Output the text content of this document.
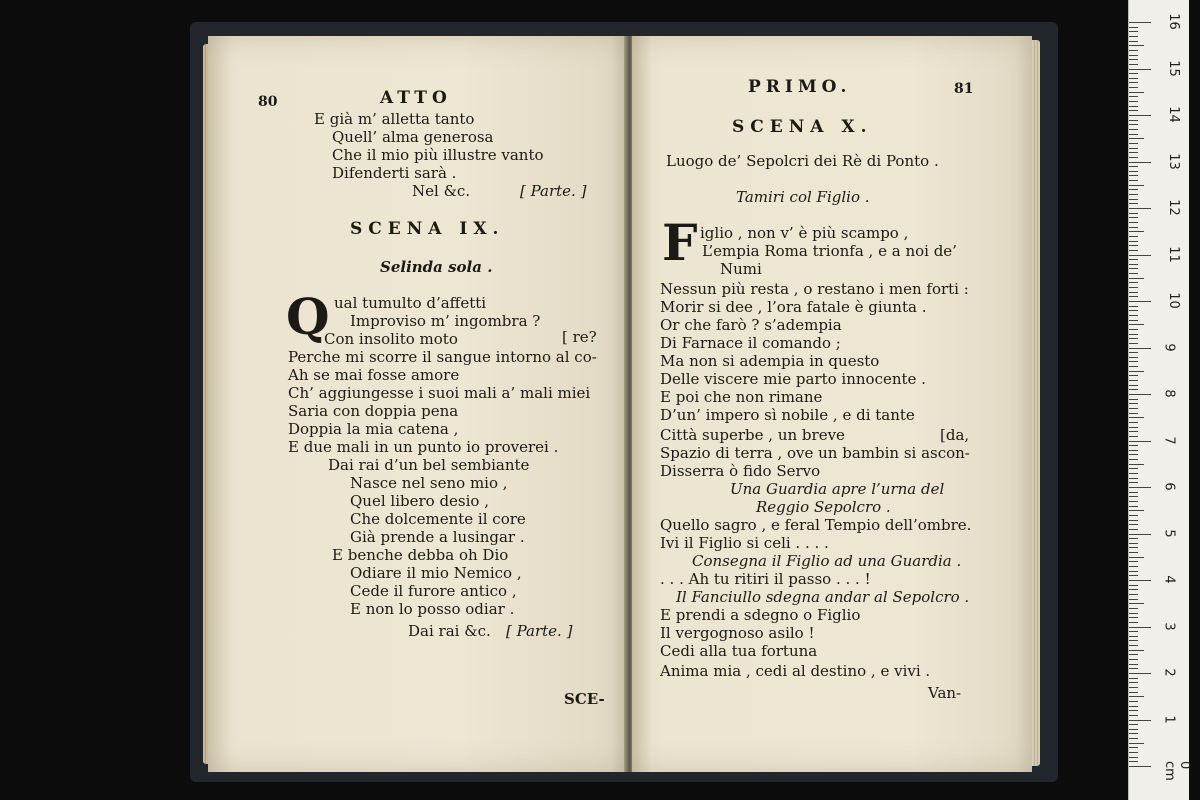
80	ATTO
E già m’ alletta tanto
Quell’ alma generosa
Che il mio più illustre vanto
Difenderti sarà .
Nel &c.	[ Parte. ]
SCENA IX.
Selinda sola .
Q ual tumulto d’affetti
Improviso m’ ingombra ?
Con insolito moto	[ re?
Perche mi scorre il sangue intorno al co-
Ah se mai fosse amore
Ch’ aggiungesse i suoi mali a’ mali miei
Saria con doppia pena
Doppia la mia catena ,
E due mali in un punto io proverei .
Dai rai d’un bel sembiante
Nasce nel seno mio ,
Quel libero desio ,
Che dolcemente il core
Già prende a lusingar .
E benche debba oh Dio
Odiare il mio Nemico ,
Cede il furore antico ,
E non lo posso odiar .
Dai rai &c. [ Parte. ]
SCE-
PRIMO.	81
SCENA X.
Luogo de’ Sepolcri dei Rè di Ponto .
Tamiri col Figlio .
F iglio , non v’ è più scampo ,
L’empia Roma trionfa , e a noi de’
Numi
Nessun più resta , o restano i men forti :
Morir si dee , l’ora fatale è giunta .
Or che farò ? s’adempia
Di Farnace il comando ;
Ma non si adempia in questo
Delle viscere mie parto innocente .
E poi che non rimane
D’un’ impero sì nobile , e di tante
Città superbe , un breve	[da,
Spazio di terra , ove un bambin si ascon-
Disserra ò fido Servo
Una Guardia apre l’urna del
Reggio Sepolcro .
Quello sagro , e feral Tempio dell’ombre.
Ivi il Figlio si celi . . . .
Consegna il Figlio ad una Guardia .
. . . Ah tu ritiri il passo . . . !
Il Fanciullo sdegna andar al Sepolcro .
E prendi a sdegno o Figlio
Il vergognoso asilo !
Cedi alla tua fortuna
Anima mia , cedi al destino , e vivi .
Van-
16
15
14
13
12
11
10
9
8
7
6
5
4
3
2
1
0 cm
